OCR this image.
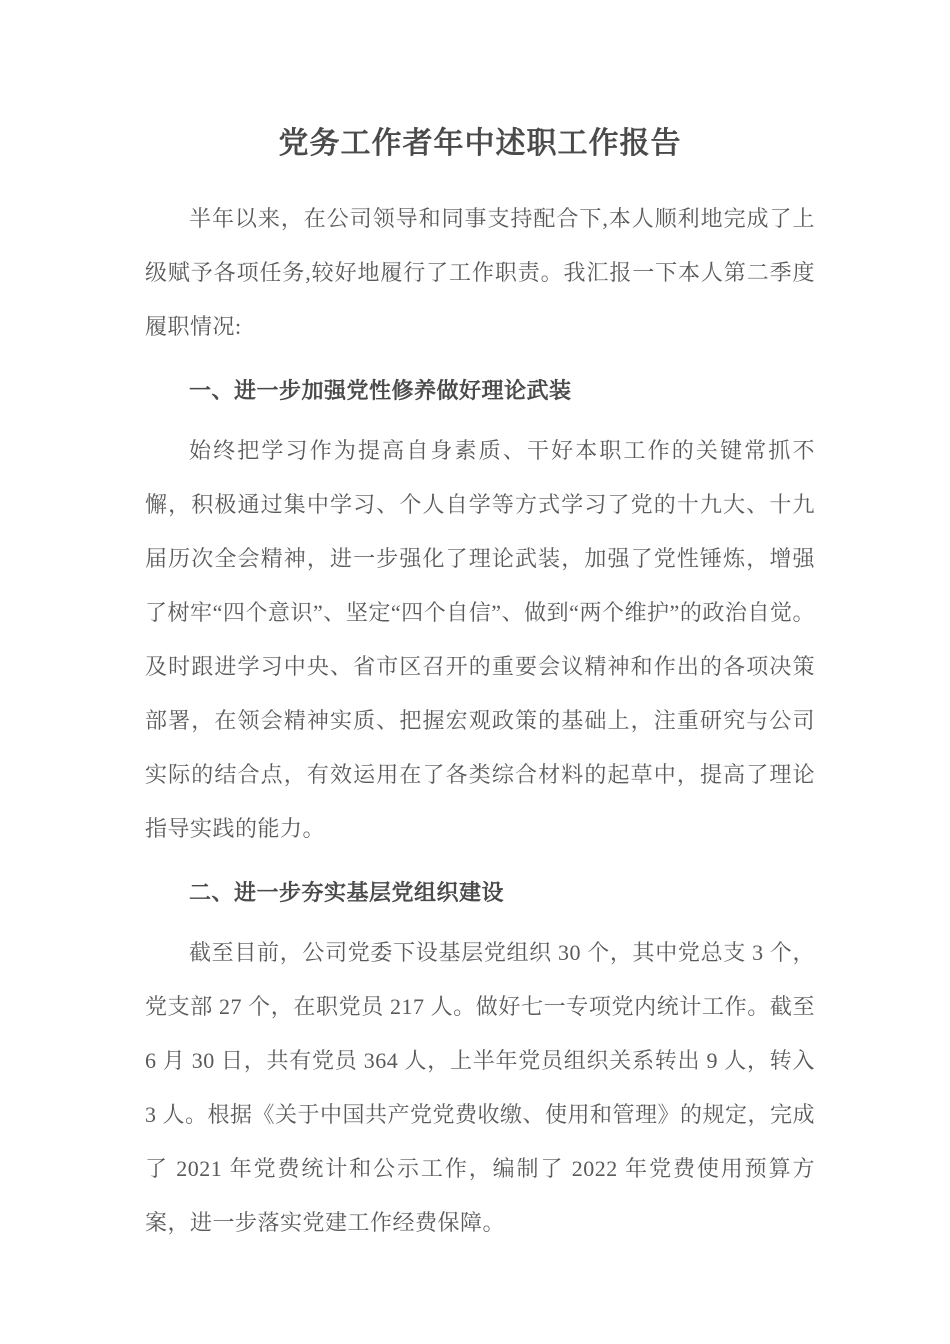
党务工作者年中述职工作报告

半年以来，在公司领导和同事支持配合下,本人顺利地完成了上级赋予各项任务,较好地履行了工作职责。我汇报一下本人第二季度履职情况:

一、进一步加强党性修养做好理论武装

始终把学习作为提高自身素质、干好本职工作的关键常抓不懈，积极通过集中学习、个人自学等方式学习了党的十九大、十九届历次全会精神，进一步强化了理论武装，加强了党性锤炼，增强了树牢“四个意识”、坚定“四个自信”、做到“两个维护”的政治自觉。及时跟进学习中央、省市区召开的重要会议精神和作出的各项决策部署，在领会精神实质、把握宏观政策的基础上，注重研究与公司实际的结合点，有效运用在了各类综合材料的起草中，提高了理论指导实践的能力。

二、进一步夯实基层党组织建设

截至目前，公司党委下设基层党组织 30 个，其中党总支 3 个，党支部 27 个，在职党员 217 人。做好七一专项党内统计工作。截至 6 月 30 日，共有党员 364 人，上半年党员组织关系转出 9 人，转入 3 人。根据《关于中国共产党党费收缴、使用和管理》的规定，完成了 2021 年党费统计和公示工作，编制了 2022 年党费使用预算方案，进一步落实党建工作经费保障。
